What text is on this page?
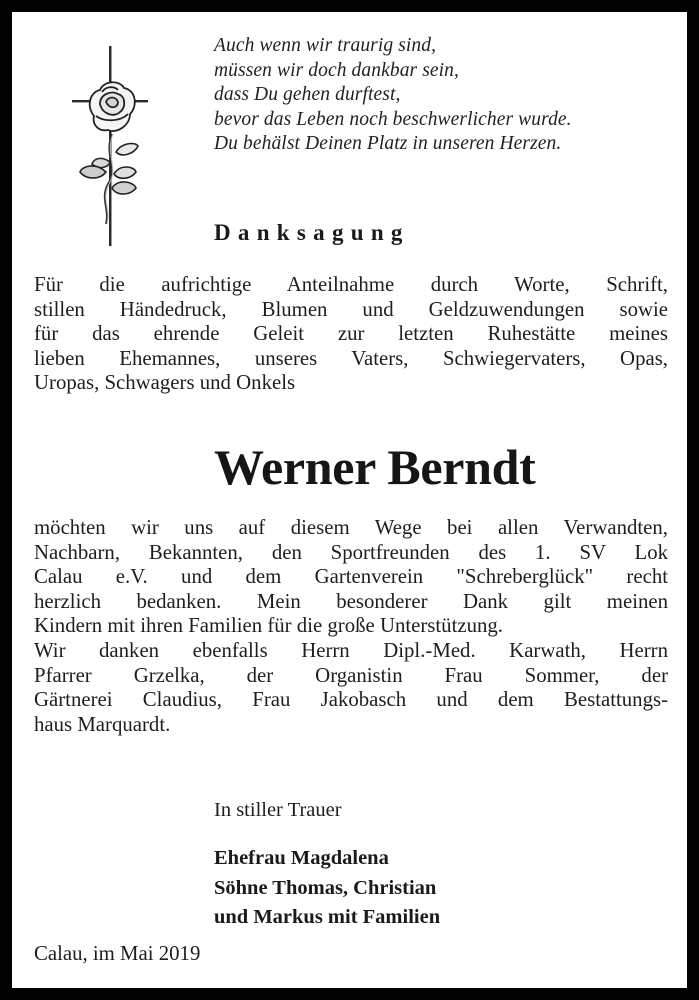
Auch wenn wir traurig sind,
müssen wir doch dankbar sein,
dass Du gehen durftest,
bevor das Leben noch beschwerlicher wurde.
Du behälst Deinen Platz in unseren Herzen.
Danksagung
Für die aufrichtige Anteilnahme durch Worte, Schrift,
stillen Händedruck, Blumen und Geldzuwendungen sowie
für das ehrende Geleit zur letzten Ruhestätte meines
lieben Ehemannes, unseres Vaters, Schwiegervaters, Opas,
Uropas, Schwagers und Onkels
Werner Berndt
möchten wir uns auf diesem Wege bei allen Verwandten,
Nachbarn, Bekannten, den Sportfreunden des 1. SV Lok
Calau e.V. und dem Gartenverein "Schreberglück" recht
herzlich bedanken. Mein besonderer Dank gilt meinen
Kindern mit ihren Familien für die große Unterstützung.
Wir danken ebenfalls Herrn Dipl.-Med. Karwath, Herrn
Pfarrer Grzelka, der Organistin Frau Sommer, der
Gärtnerei Claudius, Frau Jakobasch und dem Bestattungs-
haus Marquardt.
In stiller Trauer
Ehefrau Magdalena
Söhne Thomas, Christian
und Markus mit Familien
Calau, im Mai 2019
